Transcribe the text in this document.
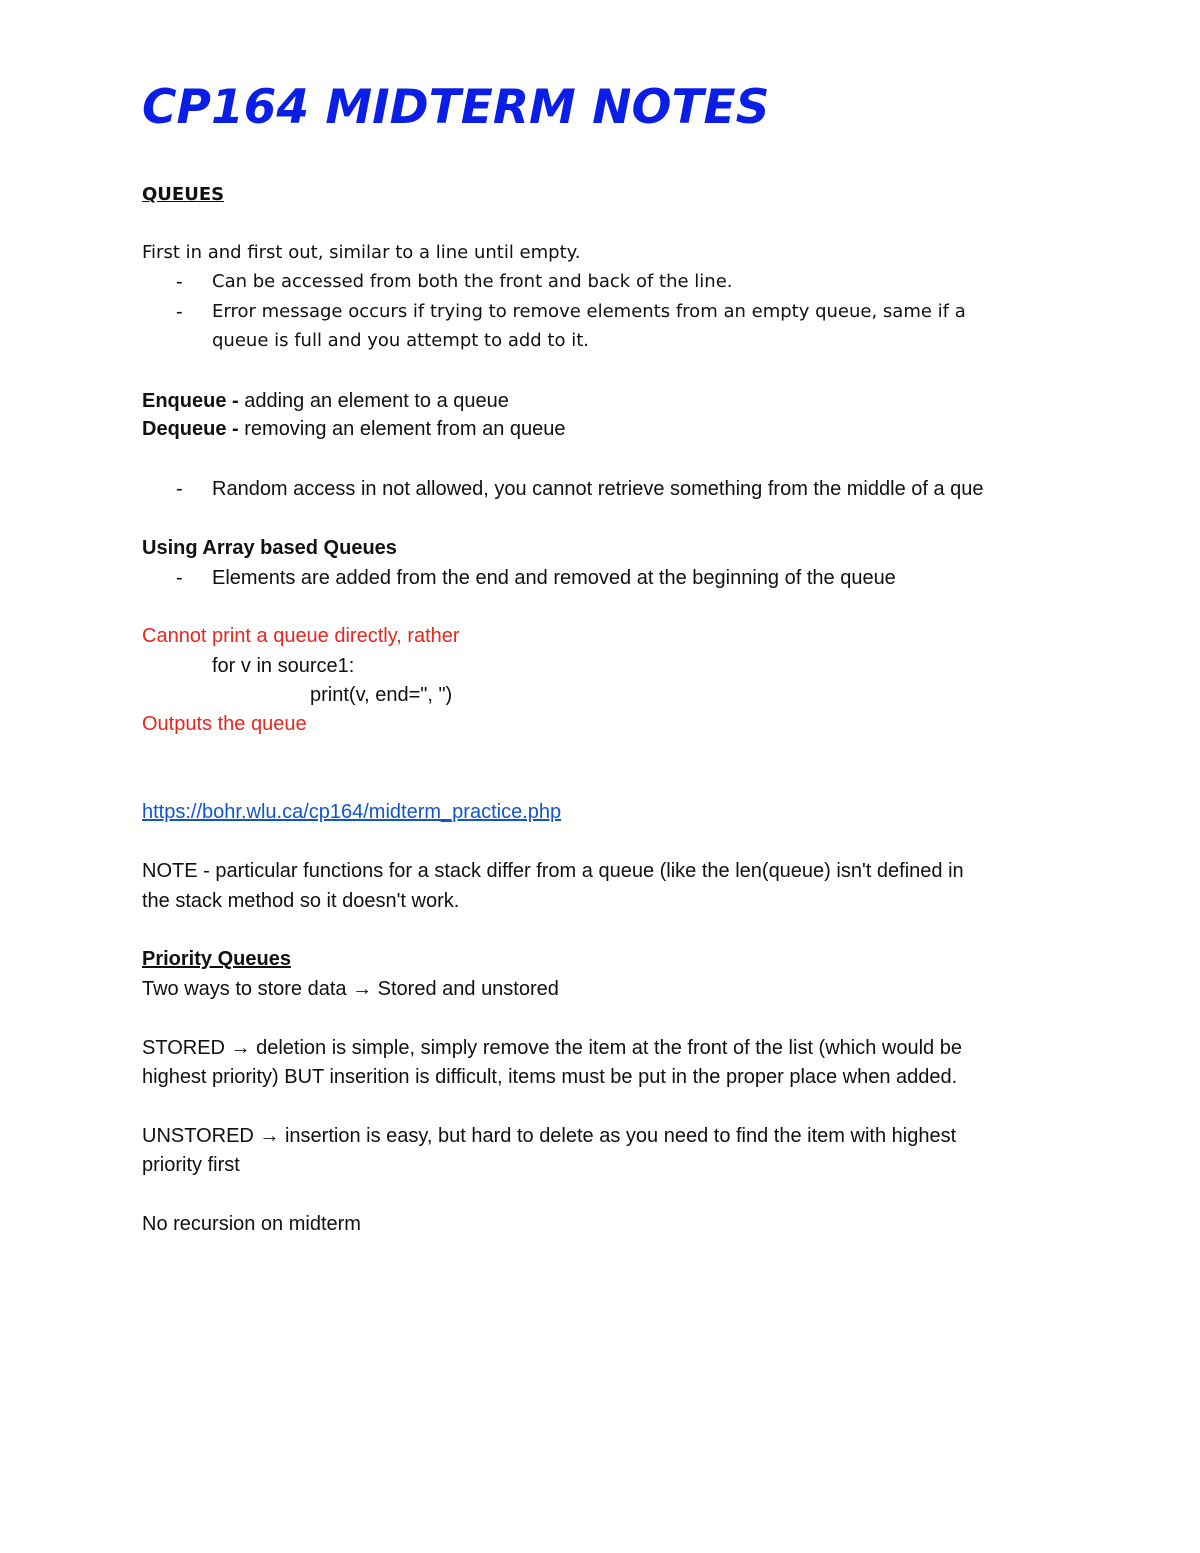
CP164 MIDTERM NOTES

QUEUES

First in and first out, similar to a line until empty.

- Can be accessed from both the front and back of the line.

- Error message occurs if trying to remove elements from an empty queue, same if a

queue is full and you attempt to add to it.

Enqueue - adding an element to a queue

Dequeue - removing an element from an queue

- Random access in not allowed, you cannot retrieve something from the middle of a que

Using Array based Queues

- Elements are added from the end and removed at the beginning of the queue

Cannot print a queue directly, rather

for v in source1:

print(v, end=", ")

Outputs the queue

https://bohr.wlu.ca/cp164/midterm_practice.php

NOTE - particular functions for a stack differ from a queue (like the len(queue) isn't defined in

the stack method so it doesn't work.

Priority Queues

Two ways to store data → Stored and unstored

STORED → deletion is simple, simply remove the item at the front of the list (which would be

highest priority) BUT inserition is difficult, items must be put in the proper place when added.

UNSTORED → insertion is easy, but hard to delete as you need to find the item with highest

priority first

No recursion on midterm
